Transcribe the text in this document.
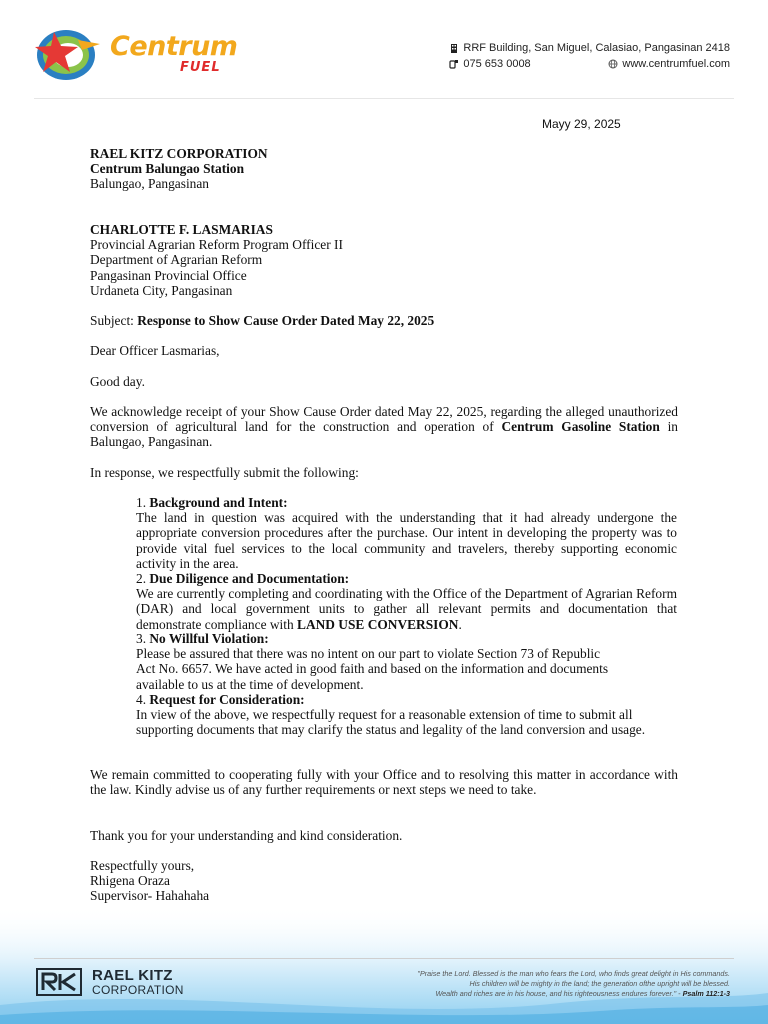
Centrum
FUEL
RRF Building, San Miguel, Calasiao, Pangasinan 2418
075 653 0008	www.centrumfuel.com
Mayy 29, 2025
RAEL KITZ CORPORATION
Centrum Balungao Station
Balungao, Pangasinan
CHARLOTTE F. LASMARIAS
Provincial Agrarian Reform Program Officer II
Department of Agrarian Reform
Pangasinan Provincial Office
Urdaneta City, Pangasinan
Subject: Response to Show Cause Order Dated May 22, 2025
Dear Officer Lasmarias,
Good day.
We acknowledge receipt of your Show Cause Order dated May 22, 2025, regarding the alleged unauthorized conversion of agricultural land for the construction and operation of Centrum Gasoline Station in Balungao, Pangasinan.
In response, we respectfully submit the following:
1. Background and Intent:
The land in question was acquired with the understanding that it had already undergone the appropriate conversion procedures after the purchase. Our intent in developing the property was to provide vital fuel services to the local community and travelers, thereby supporting economic activity in the area.
2. Due Diligence and Documentation:
We are currently completing and coordinating with the Office of the Department of Agrarian Reform (DAR) and local government units to gather all relevant permits and documentation that demonstrate compliance with LAND USE CONVERSION.
3. No Willful Violation:
Please be assured that there was no intent on our part to violate Section 73 of Republic
Act No. 6657. We have acted in good faith and based on the information and documents
available to us at the time of development.
4. Request for Consideration:
In view of the above, we respectfully request for a reasonable extension of time to submit all supporting documents that may clarify the status and legality of the land conversion and usage.
We remain committed to cooperating fully with your Office and to resolving this matter in accordance with the law. Kindly advise us of any further requirements or next steps we need to take.
Thank you for your understanding and kind consideration.
Respectfully yours,
Rhigena Oraza
Supervisor- Hahahaha
RAEL KITZ
CORPORATION
"Praise the Lord. Blessed is the man who fears the Lord, who finds great delight in His commands.
His children will be mighty in the land; the generation ofthe upright will be blessed.
Wealth and riches are in his house, and his righteousness endures forever." - Psalm 112:1-3
